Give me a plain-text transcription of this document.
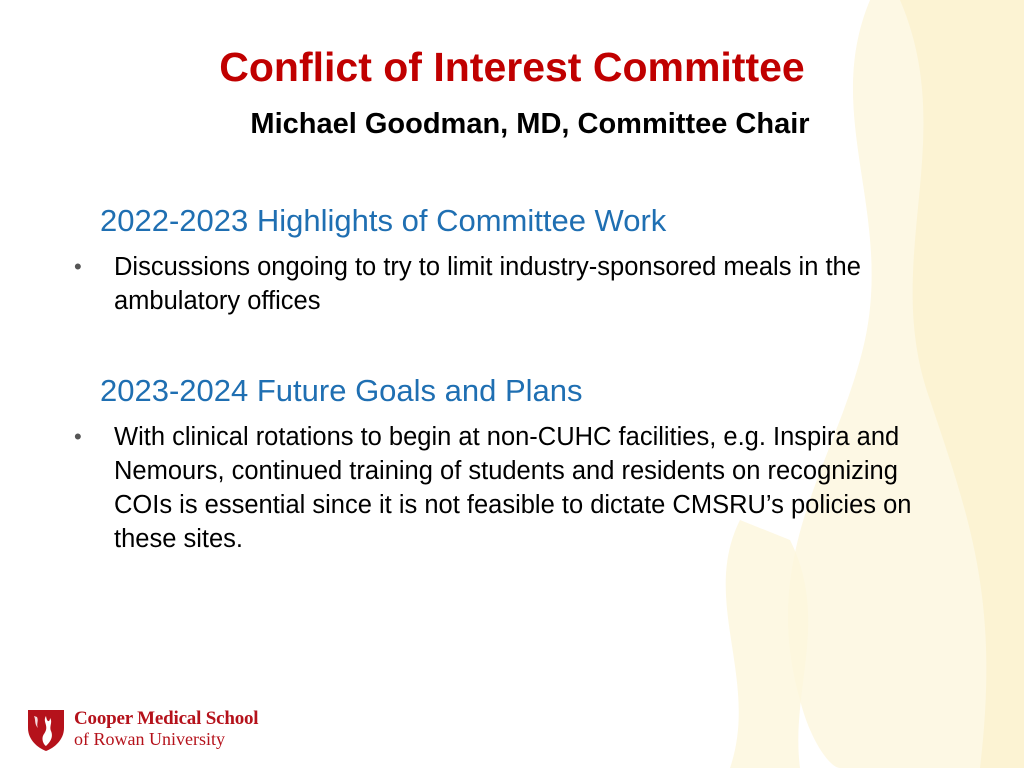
Conflict of Interest Committee
Michael Goodman, MD, Committee Chair
2022-2023 Highlights of Committee Work
•	Discussions ongoing to try to limit industry-sponsored meals in the ambulatory offices

2023-2024 Future Goals and Plans
•	With clinical rotations to begin at non-CUHC facilities, e.g. Inspira and Nemours, continued training of students and residents on recognizing COIs is essential since it is not feasible to dictate CMSRU’s policies on these sites.

Cooper Medical School
of Rowan University
